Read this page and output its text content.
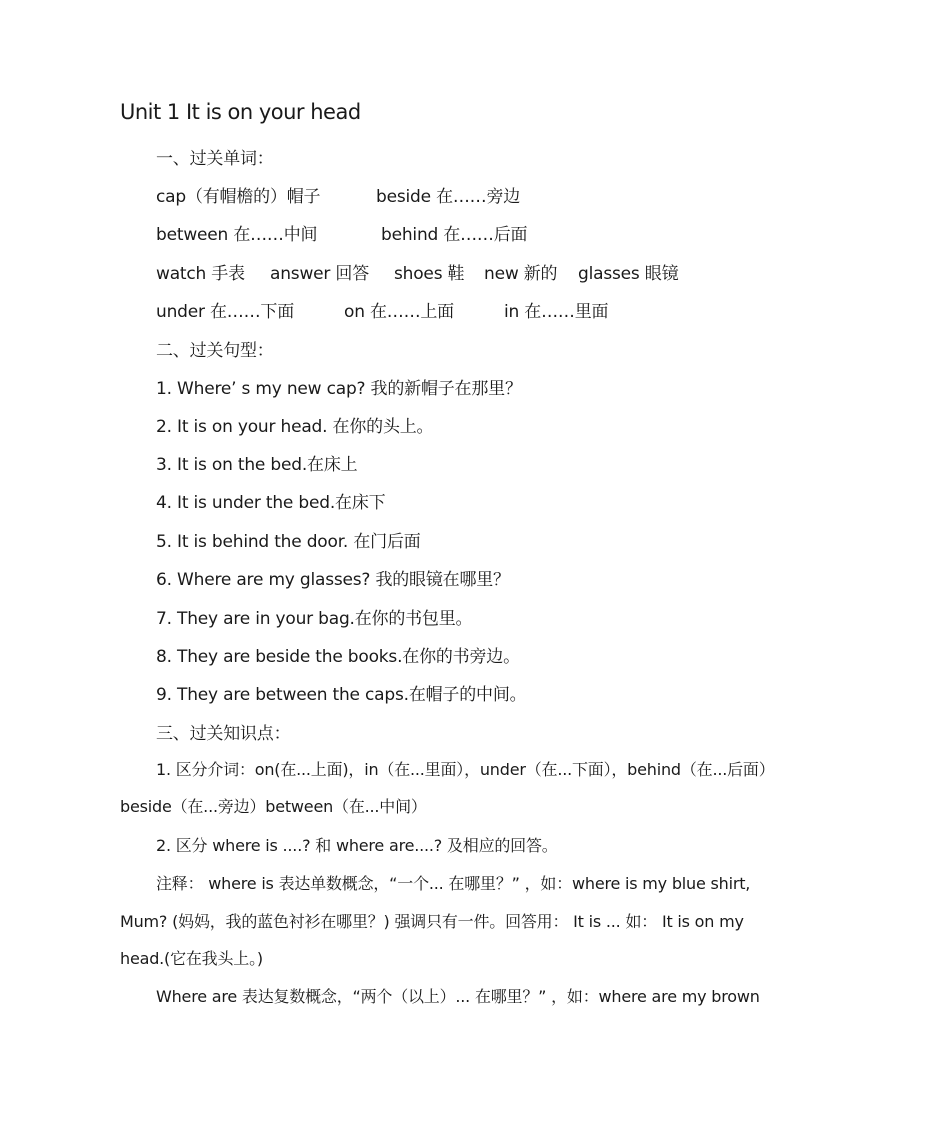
Unit 1 It is on your head
一、过关单词：
cap（有帽檐的）帽子	beside 在……旁边
between 在……中间	behind 在……后面
watch 手表 answer 回答 shoes 鞋 new 新的 glasses 眼镜
under 在……下面	on 在……上面	in 在……里面
二、过关句型：
1. Where’ s my new cap? 我的新帽子在那里？
2. It is on your head. 在你的头上。
3. It is on the bed.在床上
4. It is under the bed.在床下
5. It is behind the door. 在门后面
6. Where are my glasses? 我的眼镜在哪里？
7. They are in your bag.在你的书包里。
8. They are beside the books.在你的书旁边。
9. They are between the caps.在帽子的中间。
三、过关知识点：
1. 区分介词：on(在...上面)，in（在...里面），under（在...下面），behind（在...后面）
beside（在...旁边）between（在...中间）
2. 区分 where is ....? 和 where are....? 及相应的回答。
注释： where is 表达单数概念，“一个... 在哪里？” ，如：where is my blue shirt,
Mum? (妈妈，我的蓝色衬衫在哪里？) 强调只有一件。回答用： It is ... 如： It is on my
head.(它在我头上。)
Where are 表达复数概念，“两个（以上）... 在哪里？” ，如：where are my brown
